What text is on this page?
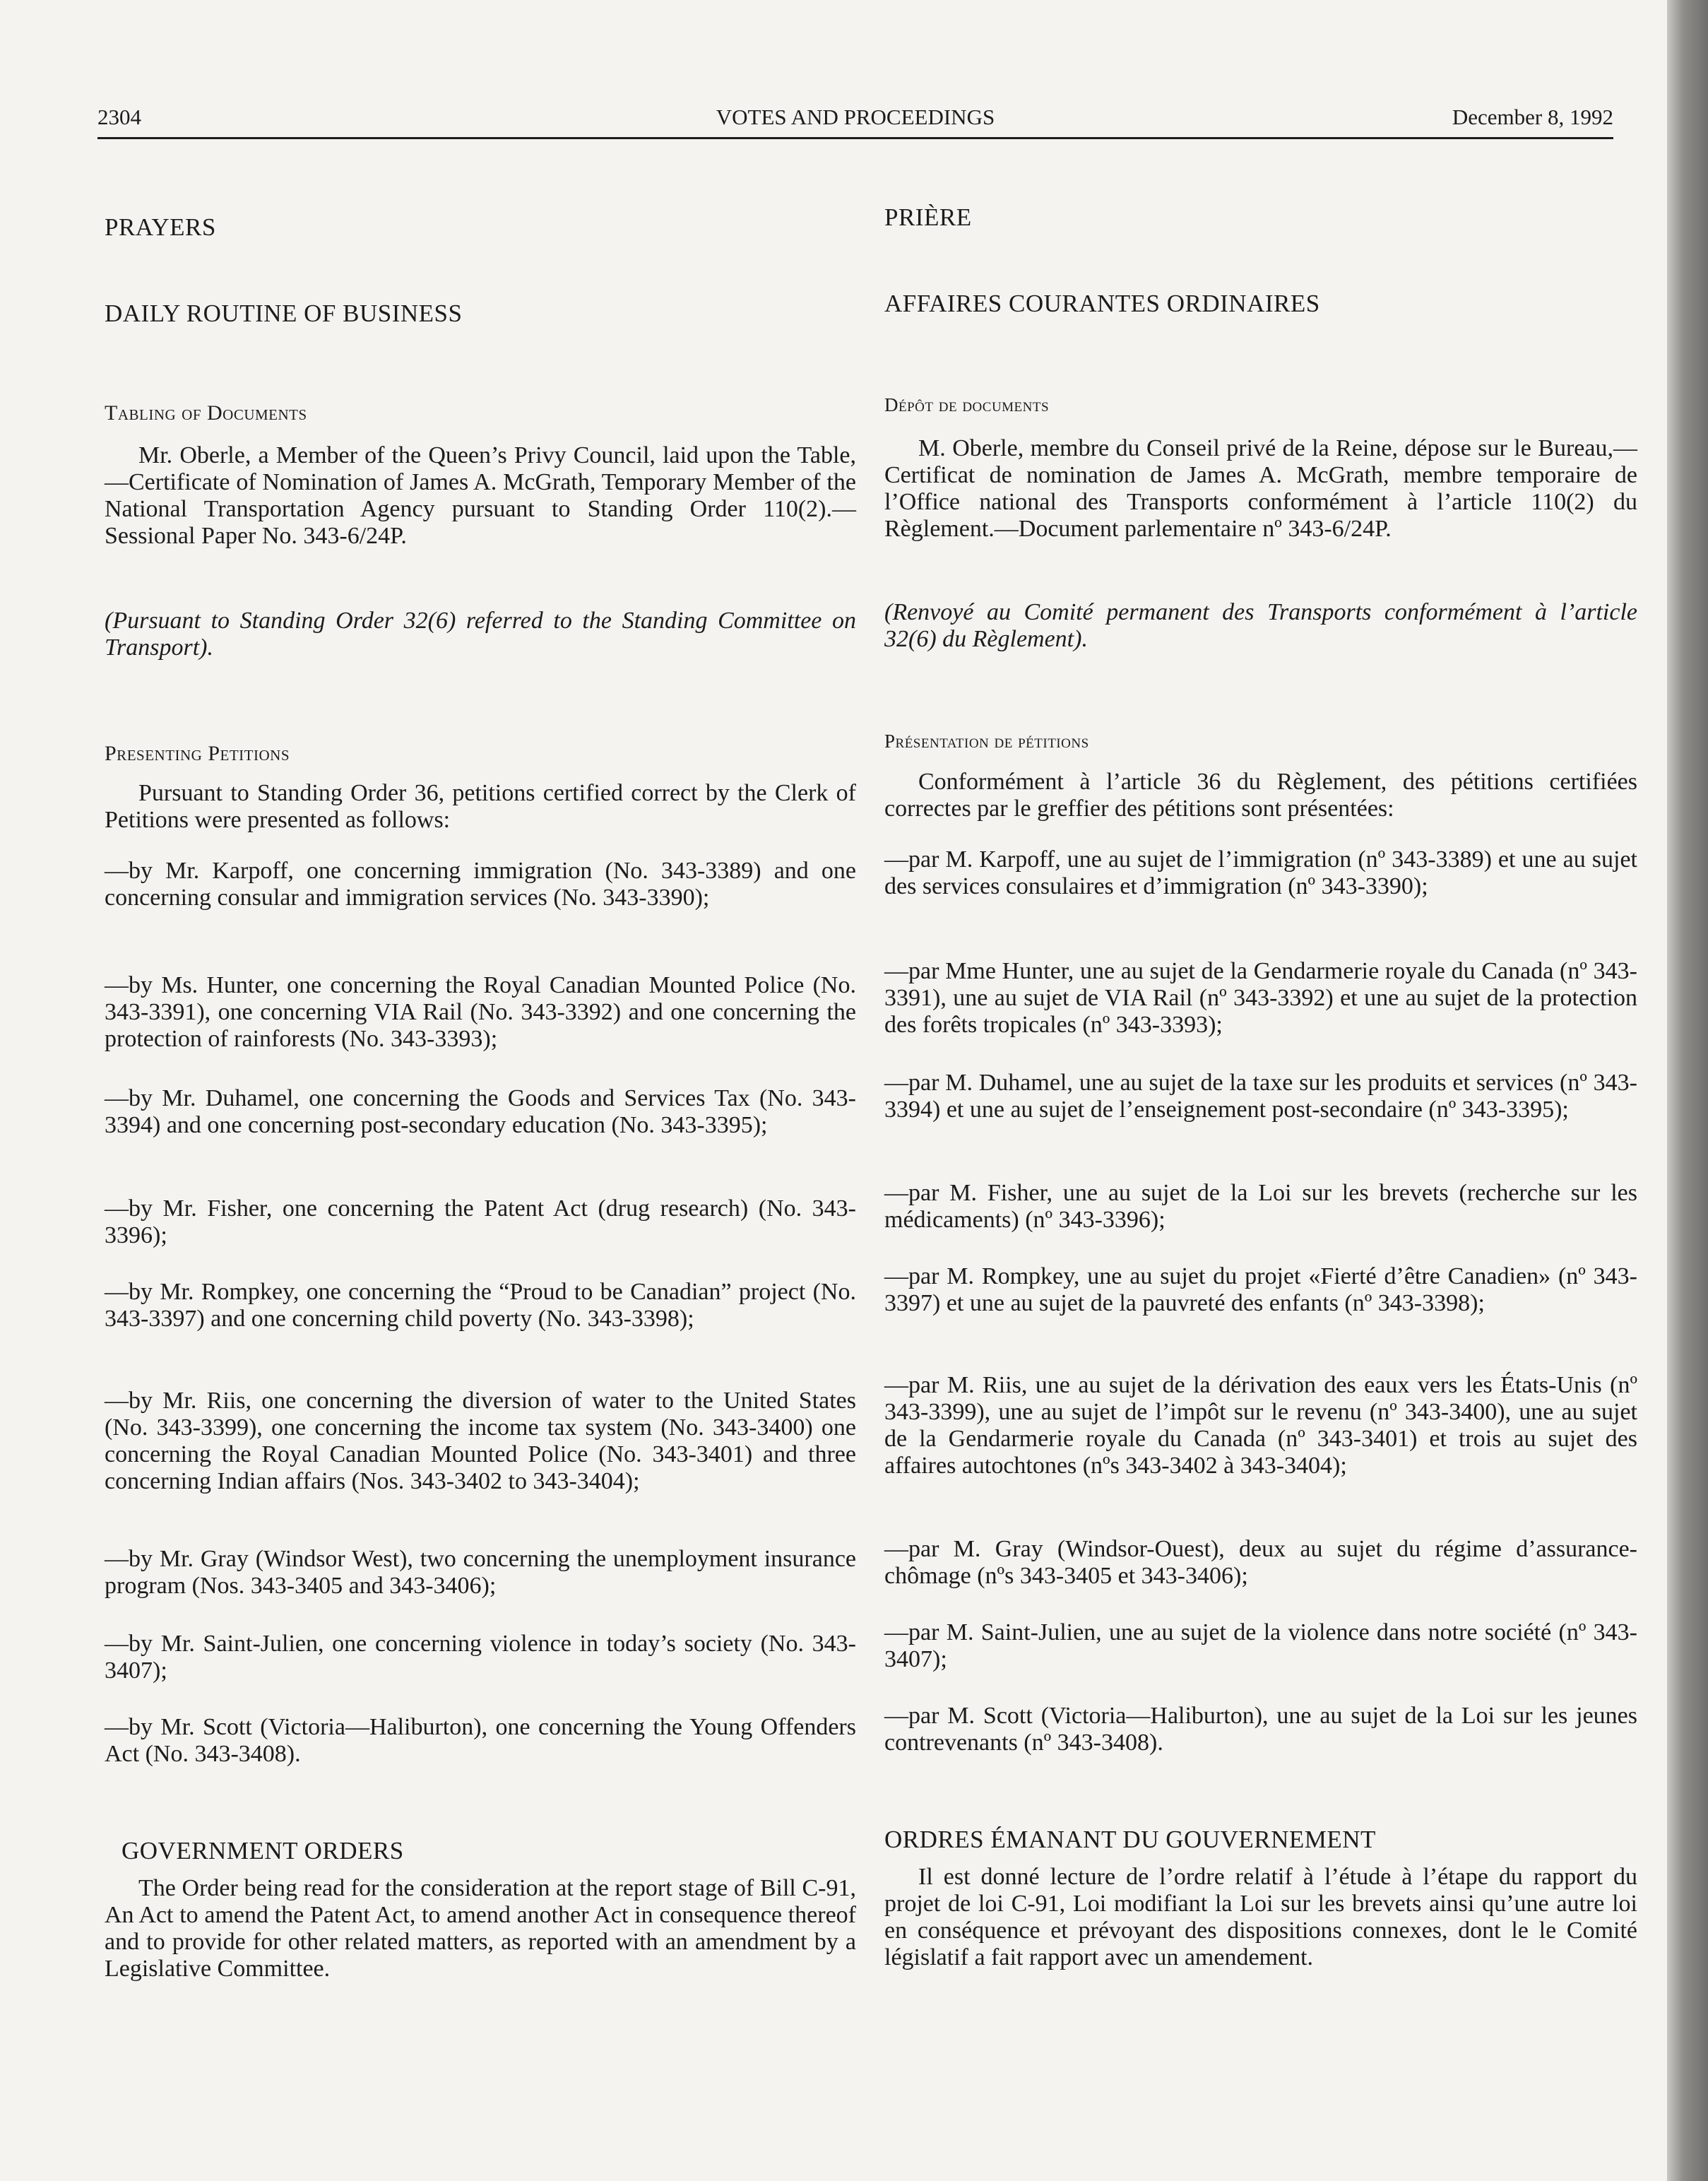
2304	VOTES AND PROCEEDINGS	December 8, 1992
PRAYERS
DAILY ROUTINE OF BUSINESS
Tabling of Documents

Mr. Oberle, a Member of the Queen’s Privy Council, laid upon the Table,—Certificate of Nomination of James A. McGrath, Temporary Member of the National Transportation Agency pursuant to Standing Order 110(2).—Sessional Paper No. 343-6/24P.

(Pursuant to Standing Order 32(6) referred to the Standing Committee on Transport).

Presenting Petitions

Pursuant to Standing Order 36, petitions certified correct by the Clerk of Petitions were presented as follows:

—by Mr. Karpoff, one concerning immigration (No. 343-3389) and one concerning consular and immigration services (No. 343-3390);

—by Ms. Hunter, one concerning the Royal Canadian Mounted Police (No. 343-3391), one concerning VIA Rail (No. 343-3392) and one concerning the protection of rainforests (No. 343-3393);

—by Mr. Duhamel, one concerning the Goods and Services Tax (No. 343-3394) and one concerning post-secondary education (No. 343-3395);

—by Mr. Fisher, one concerning the Patent Act (drug research) (No. 343-3396);

—by Mr. Rompkey, one concerning the “Proud to be Canadian” project (No. 343-3397) and one concerning child poverty (No. 343-3398);

—by Mr. Riis, one concerning the diversion of water to the United States (No. 343-3399), one concerning the income tax system (No. 343-3400) one concerning the Royal Canadian Mounted Police (No. 343-3401) and three concerning Indian affairs (Nos. 343-3402 to 343-3404);

—by Mr. Gray (Windsor West), two concerning the unemployment insurance program (Nos. 343-3405 and 343-3406);

—by Mr. Saint-Julien, one concerning violence in today’s society (No. 343-3407);

—by Mr. Scott (Victoria—Haliburton), one concerning the Young Offenders Act (No. 343-3408).

GOVERNMENT ORDERS

The Order being read for the consideration at the report stage of Bill C-91, An Act to amend the Patent Act, to amend another Act in consequence thereof and to provide for other related matters, as reported with an amendment by a Legislative Committee.

PRIÈRE
AFFAIRES COURANTES ORDINAIRES
Dépôt de documents

M. Oberle, membre du Conseil privé de la Reine, dépose sur le Bureau,—Certificat de nomination de James A. McGrath, membre temporaire de l’Office national des Transports conformément à l’article 110(2) du Règlement.—Document parlementaire nº 343-6/24P.

(Renvoyé au Comité permanent des Transports conformément à l’article 32(6) du Règlement).

Présentation de pétitions

Conformément à l’article 36 du Règlement, des pétitions certifiées correctes par le greffier des pétitions sont présentées:

—par M. Karpoff, une au sujet de l’immigration (nº 343-3389) et une au sujet des services consulaires et d’immigration (nº 343-3390);

—par Mme Hunter, une au sujet de la Gendarmerie royale du Canada (nº 343-3391), une au sujet de VIA Rail (nº 343-3392) et une au sujet de la protection des forêts tropicales (nº 343-3393);

—par M. Duhamel, une au sujet de la taxe sur les produits et services (nº 343-3394) et une au sujet de l’enseignement post-secondaire (nº 343-3395);

—par M. Fisher, une au sujet de la Loi sur les brevets (recherche sur les médicaments) (nº 343-3396);

—par M. Rompkey, une au sujet du projet «Fierté d’être Canadien» (nº 343-3397) et une au sujet de la pauvreté des enfants (nº 343-3398);

—par M. Riis, une au sujet de la dérivation des eaux vers les États-Unis (nº 343-3399), une au sujet de l’impôt sur le revenu (nº 343-3400), une au sujet de la Gendarmerie royale du Canada (nº 343-3401) et trois au sujet des affaires autochtones (nºs 343-3402 à 343-3404);

—par M. Gray (Windsor-Ouest), deux au sujet du régime d’assurance-chômage (nºs 343-3405 et 343-3406);

—par M. Saint-Julien, une au sujet de la violence dans notre société (nº 343-3407);

—par M. Scott (Victoria—Haliburton), une au sujet de la Loi sur les jeunes contrevenants (nº 343-3408).

ORDRES ÉMANANT DU GOUVERNEMENT

Il est donné lecture de l’ordre relatif à l’étude à l’étape du rapport du projet de loi C-91, Loi modifiant la Loi sur les brevets ainsi qu’une autre loi en conséquence et prévoyant des dispositions connexes, dont le le Comité législatif a fait rapport avec un amendement.
